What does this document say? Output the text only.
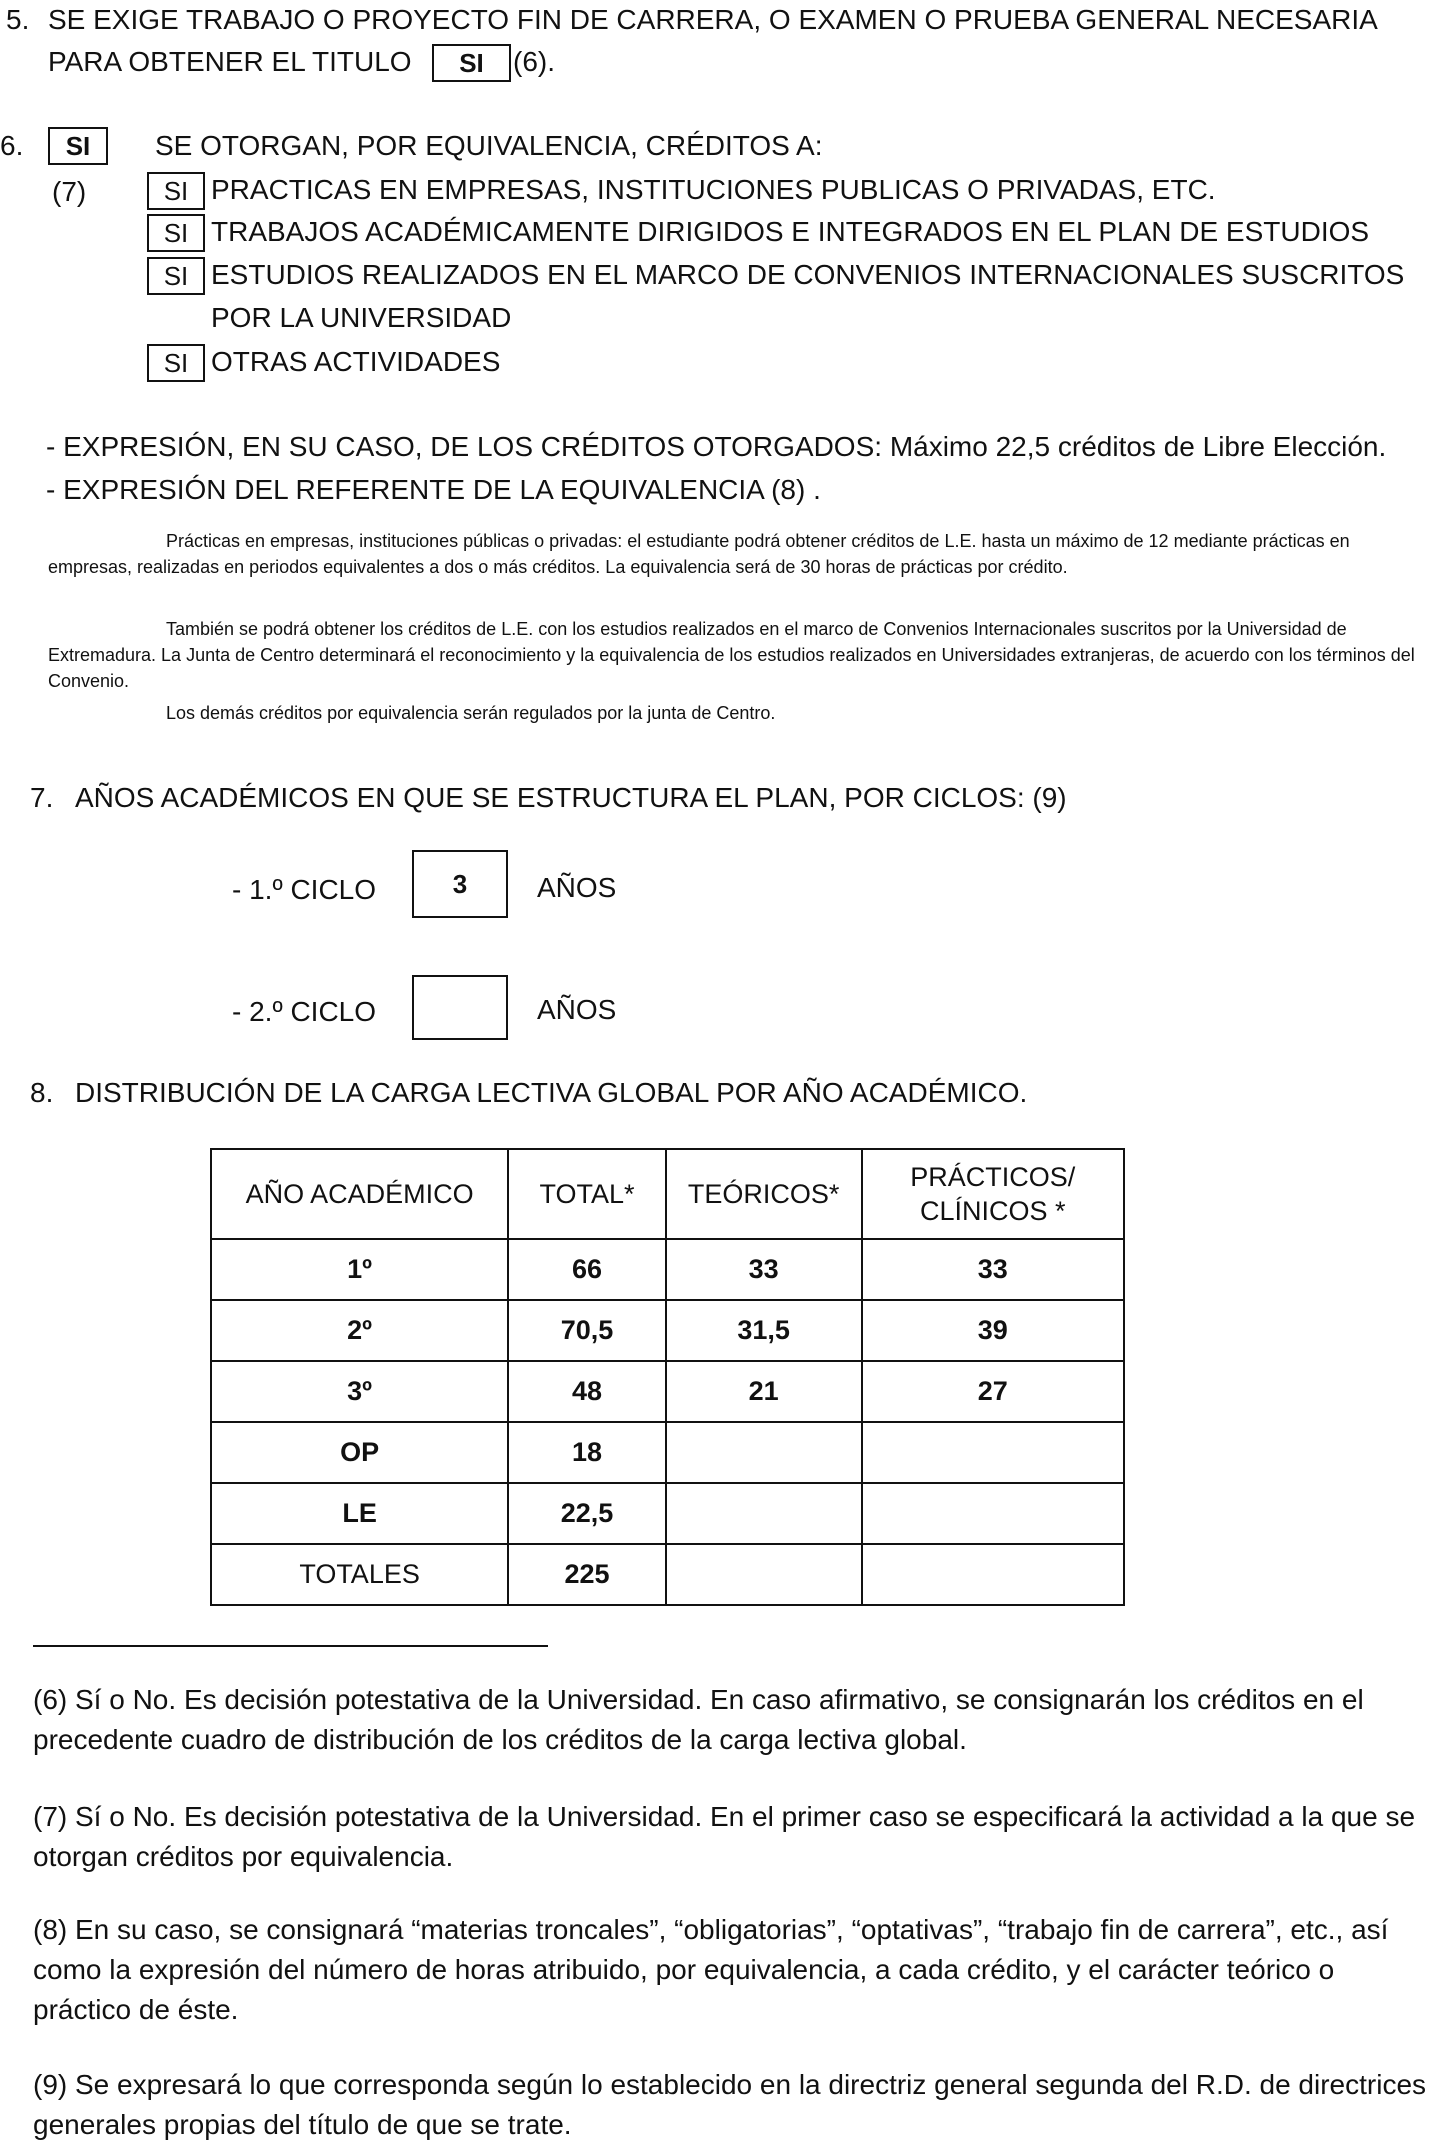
5. SE EXIGE TRABAJO O PROYECTO FIN DE CARRERA, O EXAMEN O PRUEBA GENERAL NECESARIA
PARA OBTENER EL TITULO	SI	(6).
6.	SI	SE OTORGAN, POR EQUIVALENCIA, CRÉDITOS A:
(7)	SI PRACTICAS EN EMPRESAS, INSTITUCIONES PUBLICAS O PRIVADAS, ETC.
SI TRABAJOS ACADÉMICAMENTE DIRIGIDOS E INTEGRADOS EN EL PLAN DE ESTUDIOS
SI ESTUDIOS REALIZADOS EN EL MARCO DE CONVENIOS INTERNACIONALES SUSCRITOS
POR LA UNIVERSIDAD
SI OTRAS ACTIVIDADES
- EXPRESIÓN, EN SU CASO, DE LOS CRÉDITOS OTORGADOS: Máximo 22,5 créditos de Libre Elección.
- EXPRESIÓN DEL REFERENTE DE LA EQUIVALENCIA (8) .
Prácticas en empresas, instituciones públicas o privadas: el estudiante podrá obtener créditos de L.E. hasta un máximo de 12 mediante prácticas en empresas, realizadas en periodos equivalentes a dos o más créditos. La equivalencia será de 30 horas de prácticas por crédito.
También se podrá obtener los créditos de L.E. con los estudios realizados en el marco de Convenios Internacionales suscritos por la Universidad de Extremadura. La Junta de Centro determinará el reconocimiento y la equivalencia de los estudios realizados en Universidades extranjeras, de acuerdo con los términos del Convenio.
Los demás créditos por equivalencia serán regulados por la junta de Centro.
7. AÑOS ACADÉMICOS EN QUE SE ESTRUCTURA EL PLAN, POR CICLOS: (9)
- 1.º CICLO	3	AÑOS
- 2.º CICLO	AÑOS
8. DISTRIBUCIÓN DE LA CARGA LECTIVA GLOBAL POR AÑO ACADÉMICO.
AÑO ACADÉMICO	TOTAL*	TEÓRICOS*	PRÁCTICOS/
CLÍNICOS *
1º	66	33	33
2º	70,5	31,5	39
3º	48	21	27
OP	18		
LE	22,5		
TOTALES	225		
(6) Sí o No. Es decisión potestativa de la Universidad. En caso afirmativo, se consignarán los créditos en el precedente cuadro de distribución de los créditos de la carga lectiva global.
(7) Sí o No. Es decisión potestativa de la Universidad. En el primer caso se especificará la actividad a la que se otorgan créditos por equivalencia.
(8) En su caso, se consignará “materias troncales”, “obligatorias”, “optativas”, “trabajo fin de carrera”, etc., así como la expresión del número de horas atribuido, por equivalencia, a cada crédito, y el carácter teórico o práctico de éste.
(9) Se expresará lo que corresponda según lo establecido en la directriz general segunda del R.D. de directrices generales propias del título de que se trate.
